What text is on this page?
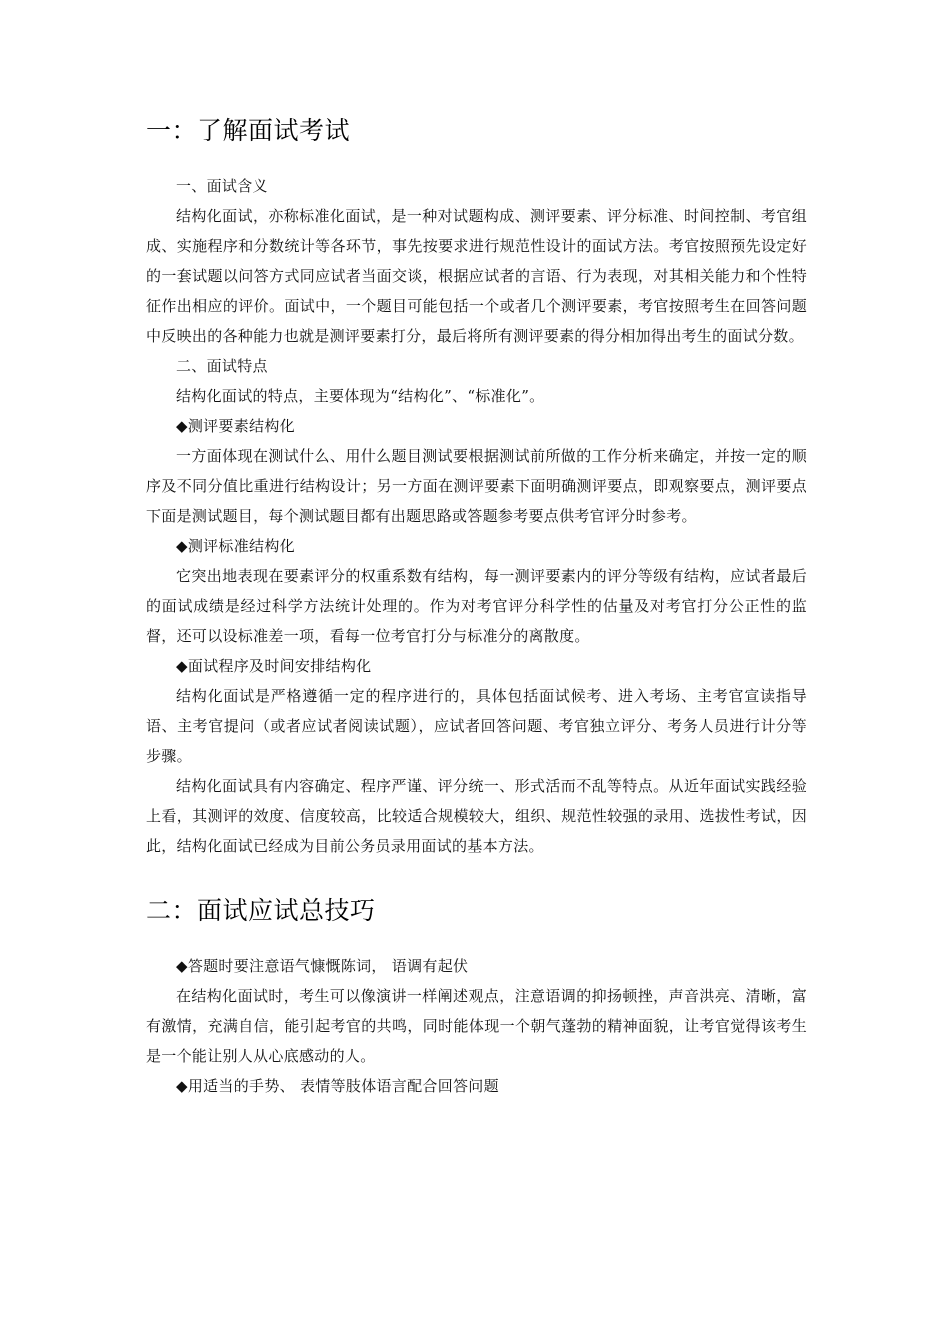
一：了解面试考试

一、面试含义

结构化面试，亦称标准化面试，是一种对试题构成、测评要素、评分标准、时间控制、考官组成、实施程序和分数统计等各环节，事先按要求进行规范性设计的面试方法。考官按照预先设定好的一套试题以问答方式同应试者当面交谈，根据应试者的言语、行为表现，对其相关能力和个性特征作出相应的评价。面试中，一个题目可能包括一个或者几个测评要素，考官按照考生在回答问题中反映出的各种能力也就是测评要素打分，最后将所有测评要素的得分相加得出考生的面试分数。

二、面试特点

结构化面试的特点，主要体现为“结构化”、“标准化”。

◆测评要素结构化

一方面体现在测试什么、用什么题目测试要根据测试前所做的工作分析来确定，并按一定的顺序及不同分值比重进行结构设计；另一方面在测评要素下面明确测评要点，即观察要点，测评要点下面是测试题目，每个测试题目都有出题思路或答题参考要点供考官评分时参考。

◆测评标准结构化

它突出地表现在要素评分的权重系数有结构，每一测评要素内的评分等级有结构，应试者最后的面试成绩是经过科学方法统计处理的。作为对考官评分科学性的估量及对考官打分公正性的监督，还可以设标准差一项，看每一位考官打分与标准分的离散度。

◆面试程序及时间安排结构化

结构化面试是严格遵循一定的程序进行的，具体包括面试候考、进入考场、主考官宣读指导语、主考官提问（或者应试者阅读试题），应试者回答问题、考官独立评分、考务人员进行计分等步骤。

结构化面试具有内容确定、程序严谨、评分统一、形式活而不乱等特点。从近年面试实践经验上看，其测评的效度、信度较高，比较适合规模较大，组织、规范性较强的录用、选拔性考试，因此，结构化面试已经成为目前公务员录用面试的基本方法。

二：面试应试总技巧

◆答题时要注意语气慷慨陈词， 语调有起伏

在结构化面试时，考生可以像演讲一样阐述观点，注意语调的抑扬顿挫，声音洪亮、清晰，富有激情，充满自信，能引起考官的共鸣，同时能体现一个朝气蓬勃的精神面貌，让考官觉得该考生是一个能让别人从心底感动的人。

◆用适当的手势、 表情等肢体语言配合回答问题
